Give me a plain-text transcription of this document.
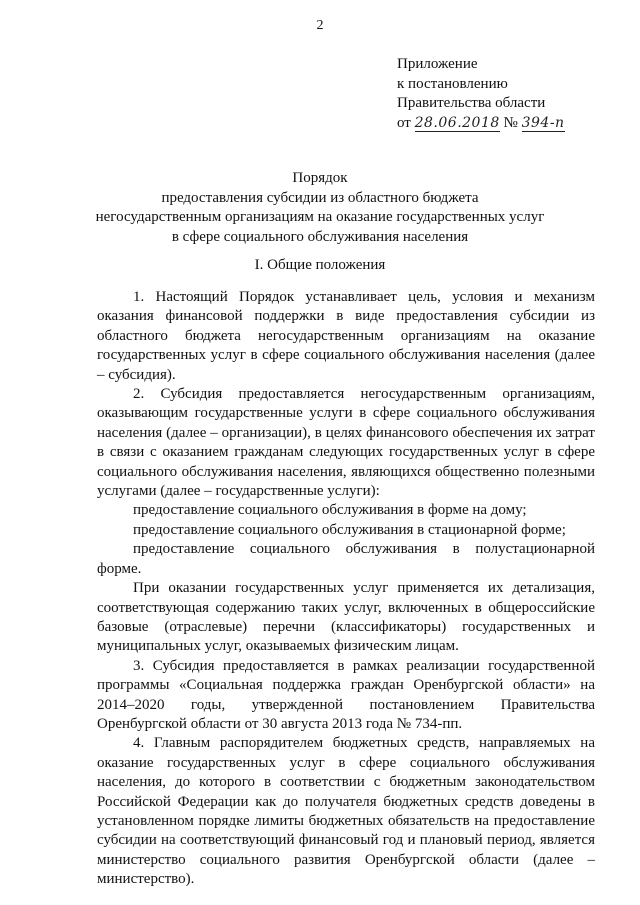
2
Приложение
к постановлению
Правительства области
от 28.06.2018 № 394-п
Порядок
предоставления субсидии из областного бюджета
негосударственным организациям на оказание государственных услуг
в сфере социального обслуживания населения
I. Общие положения

1. Настоящий Порядок устанавливает цель, условия и механизм оказания финансовой поддержки в виде предоставления субсидии из областного бюджета негосударственным организациям на оказание государственных услуг в сфере социального обслуживания населения (далее – субсидия).

2. Субсидия предоставляется негосударственным организациям, оказывающим государственные услуги в сфере социального обслуживания населения (далее – организации), в целях финансового обеспечения их затрат в связи с оказанием гражданам следующих государственных услуг в сфере социального обслуживания населения, являющихся общественно полезными услугами (далее – государственные услуги):

предоставление социального обслуживания в форме на дому;

предоставление социального обслуживания в стационарной форме;

предоставление социального обслуживания в полустационарной форме.

При оказании государственных услуг применяется их детализация, соответствующая содержанию таких услуг, включенных в общероссийские базовые (отраслевые) перечни (классификаторы) государственных и муниципальных услуг, оказываемых физическим лицам.

3. Субсидия предоставляется в рамках реализации государственной программы «Социальная поддержка граждан Оренбургской области» на 2014–2020 годы, утвержденной постановлением Правительства Оренбургской области от 30 августа 2013 года № 734-пп.

4. Главным распорядителем бюджетных средств, направляемых на оказание государственных услуг в сфере социального обслуживания населения, до которого в соответствии с бюджетным законодательством Российской Федерации как до получателя бюджетных средств доведены в установленном порядке лимиты бюджетных обязательств на предоставление субсидии на соответствующий финансовый год и плановый период, является министерство социального развития Оренбургской области (далее – министерство).
